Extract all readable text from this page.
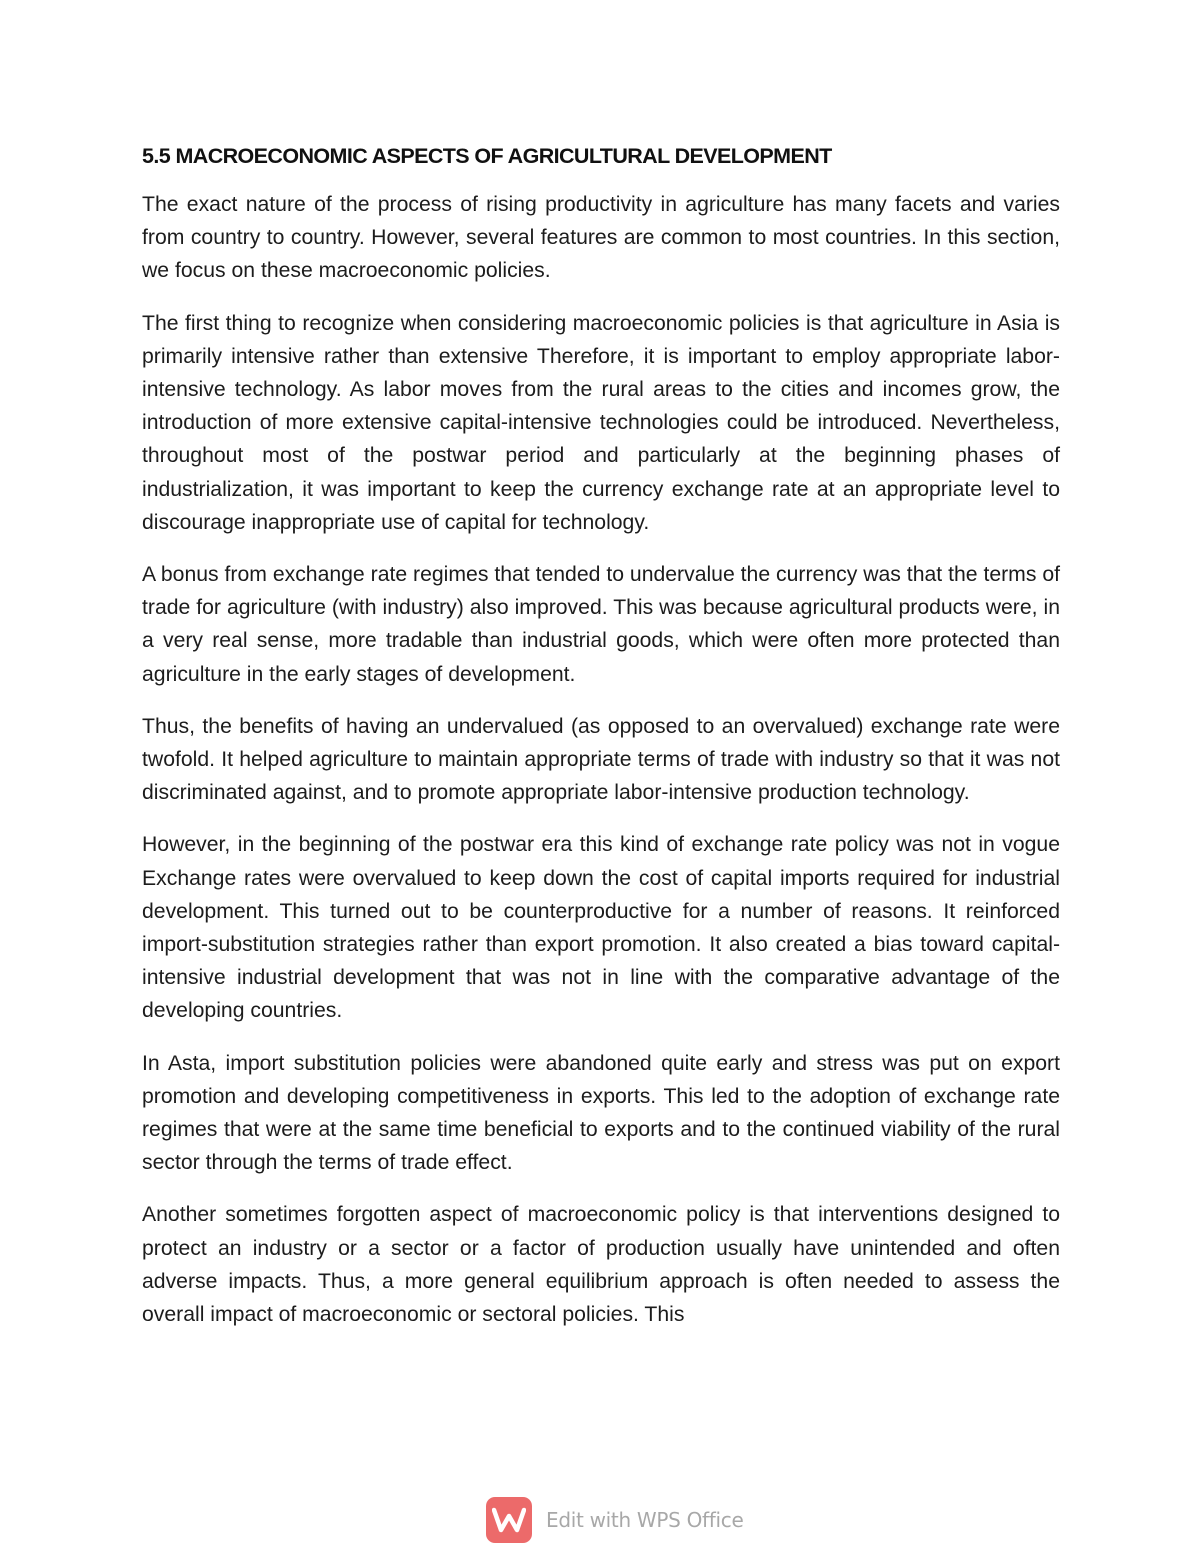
5.5 MACROECONOMIC ASPECTS OF AGRICULTURAL DEVELOPMENT

The exact nature of the process of rising productivity in agriculture has many facets and varies from country to country. However, several features are common to most countries. In this section, we focus on these macroeconomic policies.

The first thing to recognize when considering macroeconomic policies is that agriculture in Asia is primarily intensive rather than extensive Therefore, it is important to employ appropriate labor-intensive technology. As labor moves from the rural areas to the cities and incomes grow, the introduction of more extensive capital-intensive technologies could be introduced. Nevertheless, throughout most of the postwar period and particularly at the beginning phases of industrialization, it was important to keep the currency exchange rate at an appropriate level to discourage inappropriate use of capital for technology.

A bonus from exchange rate regimes that tended to undervalue the currency was that the terms of trade for agriculture (with industry) also improved. This was because agricultural products were, in a very real sense, more tradable than industrial goods, which were often more protected than agriculture in the early stages of development.

Thus, the benefits of having an undervalued (as opposed to an overvalued) exchange rate were twofold. It helped agriculture to maintain appropriate terms of trade with industry so that it was not discriminated against, and to promote appropriate labor-intensive production technology.

However, in the beginning of the postwar era this kind of exchange rate policy was not in vogue Exchange rates were overvalued to keep down the cost of capital imports required for industrial development. This turned out to be counterproductive for a number of reasons. It reinforced import-substitution strategies rather than export promotion. It also created a bias toward capital-intensive industrial development that was not in line with the comparative advantage of the developing countries.

In Asta, import substitution policies were abandoned quite early and stress was put on export promotion and developing competitiveness in exports. This led to the adoption of exchange rate regimes that were at the same time beneficial to exports and to the continued viability of the rural sector through the terms of trade effect.

Another sometimes forgotten aspect of macroeconomic policy is that interventions designed to protect an industry or a sector or a factor of production usually have unintended and often adverse impacts. Thus, a more general equilibrium approach is often needed to assess the overall impact of macroeconomic or sectoral policies. This

Edit with WPS Office
